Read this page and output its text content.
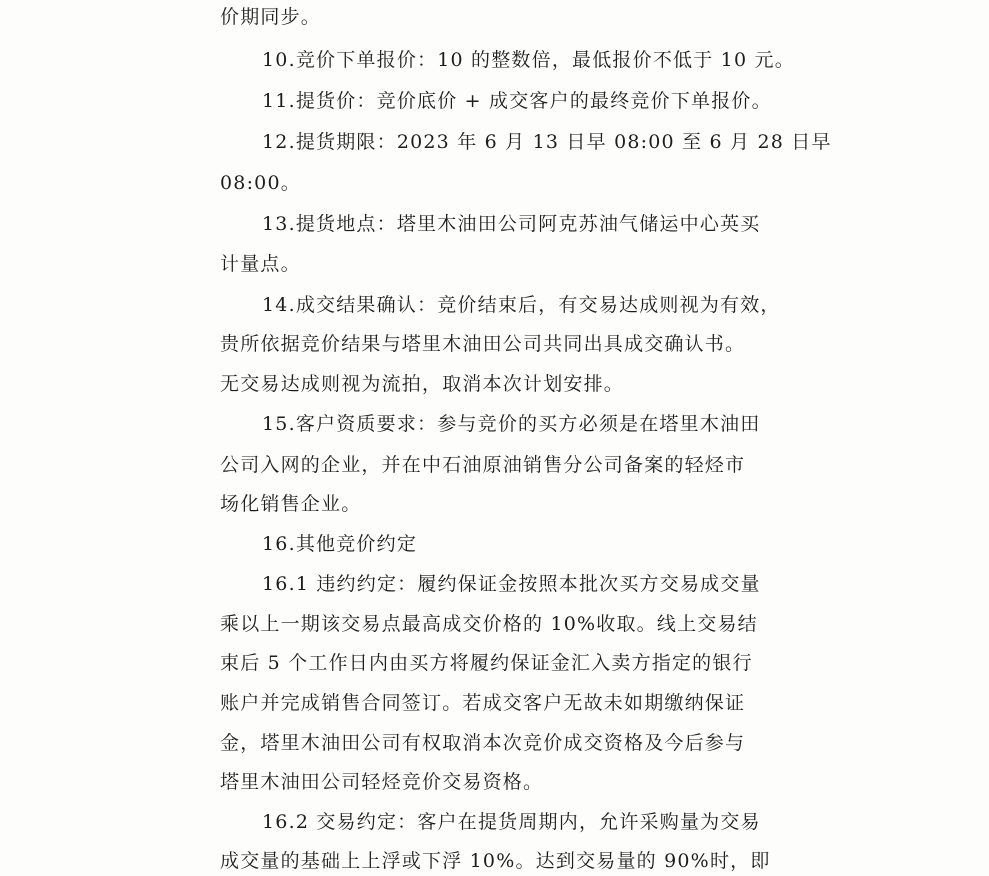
价期同步。
10.竞价下单报价：10 的整数倍，最低报价不低于 10 元。
11.提货价：竞价底价 + 成交客户的最终竞价下单报价。
12.提货期限：2023 年 6 月 13 日早 08:00 至 6 月 28 日早
08:00。
13.提货地点：塔里木油田公司阿克苏油气储运中心英买
计量点。
14.成交结果确认：竞价结束后，有交易达成则视为有效，
贵所依据竞价结果与塔里木油田公司共同出具成交确认书。
无交易达成则视为流拍，取消本次计划安排。
15.客户资质要求：参与竞价的买方必须是在塔里木油田
公司入网的企业，并在中石油原油销售分公司备案的轻烃市
场化销售企业。
16.其他竞价约定
16.1 违约约定：履约保证金按照本批次买方交易成交量
乘以上一期该交易点最高成交价格的 10%收取。线上交易结
束后 5 个工作日内由买方将履约保证金汇入卖方指定的银行
账户并完成销售合同签订。若成交客户无故未如期缴纳保证
金，塔里木油田公司有权取消本次竞价成交资格及今后参与
塔里木油田公司轻烃竞价交易资格。
16.2 交易约定：客户在提货周期内，允许采购量为交易
成交量的基础上上浮或下浮 10%。达到交易量的 90%时，即
